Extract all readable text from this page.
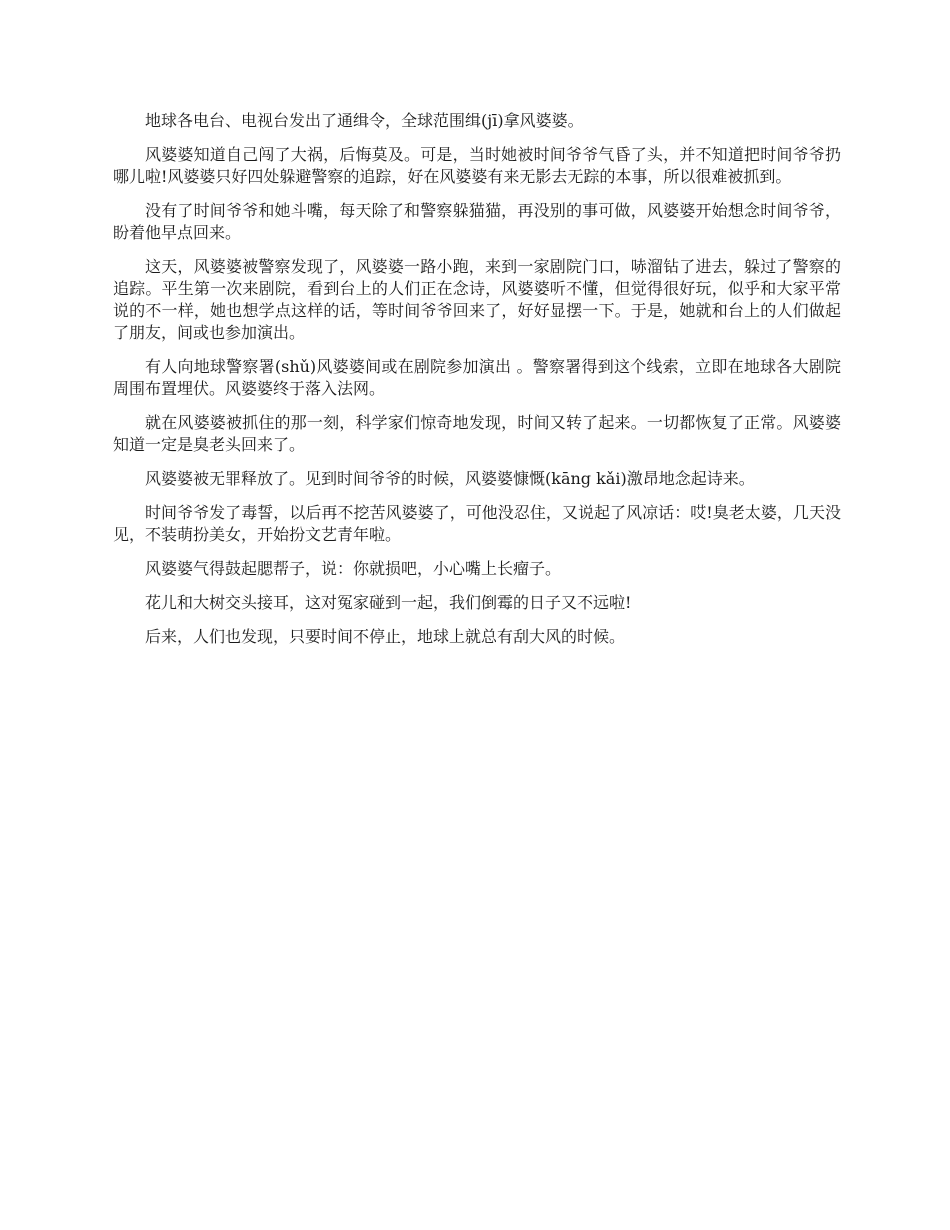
地球各电台、电视台发出了通缉令，全球范围缉(jī)拿风婆婆。

风婆婆知道自己闯了大祸，后悔莫及。可是，当时她被时间爷爷气昏了头，并不知道把时间爷爷扔哪儿啦!风婆婆只好四处躲避警察的追踪，好在风婆婆有来无影去无踪的本事，所以很难被抓到。

没有了时间爷爷和她斗嘴，每天除了和警察躲猫猫，再没别的事可做，风婆婆开始想念时间爷爷，盼着他早点回来。

这天，风婆婆被警察发现了，风婆婆一路小跑，来到一家剧院门口，哧溜钻了进去，躲过了警察的追踪。平生第一次来剧院，看到台上的人们正在念诗，风婆婆听不懂，但觉得很好玩，似乎和大家平常说的不一样，她也想学点这样的话，等时间爷爷回来了，好好显摆一下。于是，她就和台上的人们做起了朋友，间或也参加演出。

有人向地球警察署(shǔ)风婆婆间或在剧院参加演出 。警察署得到这个线索，立即在地球各大剧院周围布置埋伏。风婆婆终于落入法网。

就在风婆婆被抓住的那一刻，科学家们惊奇地发现，时间又转了起来。一切都恢复了正常。风婆婆知道一定是臭老头回来了。

风婆婆被无罪释放了。见到时间爷爷的时候，风婆婆慷慨(kāng kǎi)激昂地念起诗来。

时间爷爷发了毒誓，以后再不挖苦风婆婆了，可他没忍住，又说起了风凉话：哎!臭老太婆，几天没见，不装萌扮美女，开始扮文艺青年啦。

风婆婆气得鼓起腮帮子，说：你就损吧，小心嘴上长瘤子。

花儿和大树交头接耳，这对冤家碰到一起，我们倒霉的日子又不远啦!

后来，人们也发现，只要时间不停止，地球上就总有刮大风的时候。
